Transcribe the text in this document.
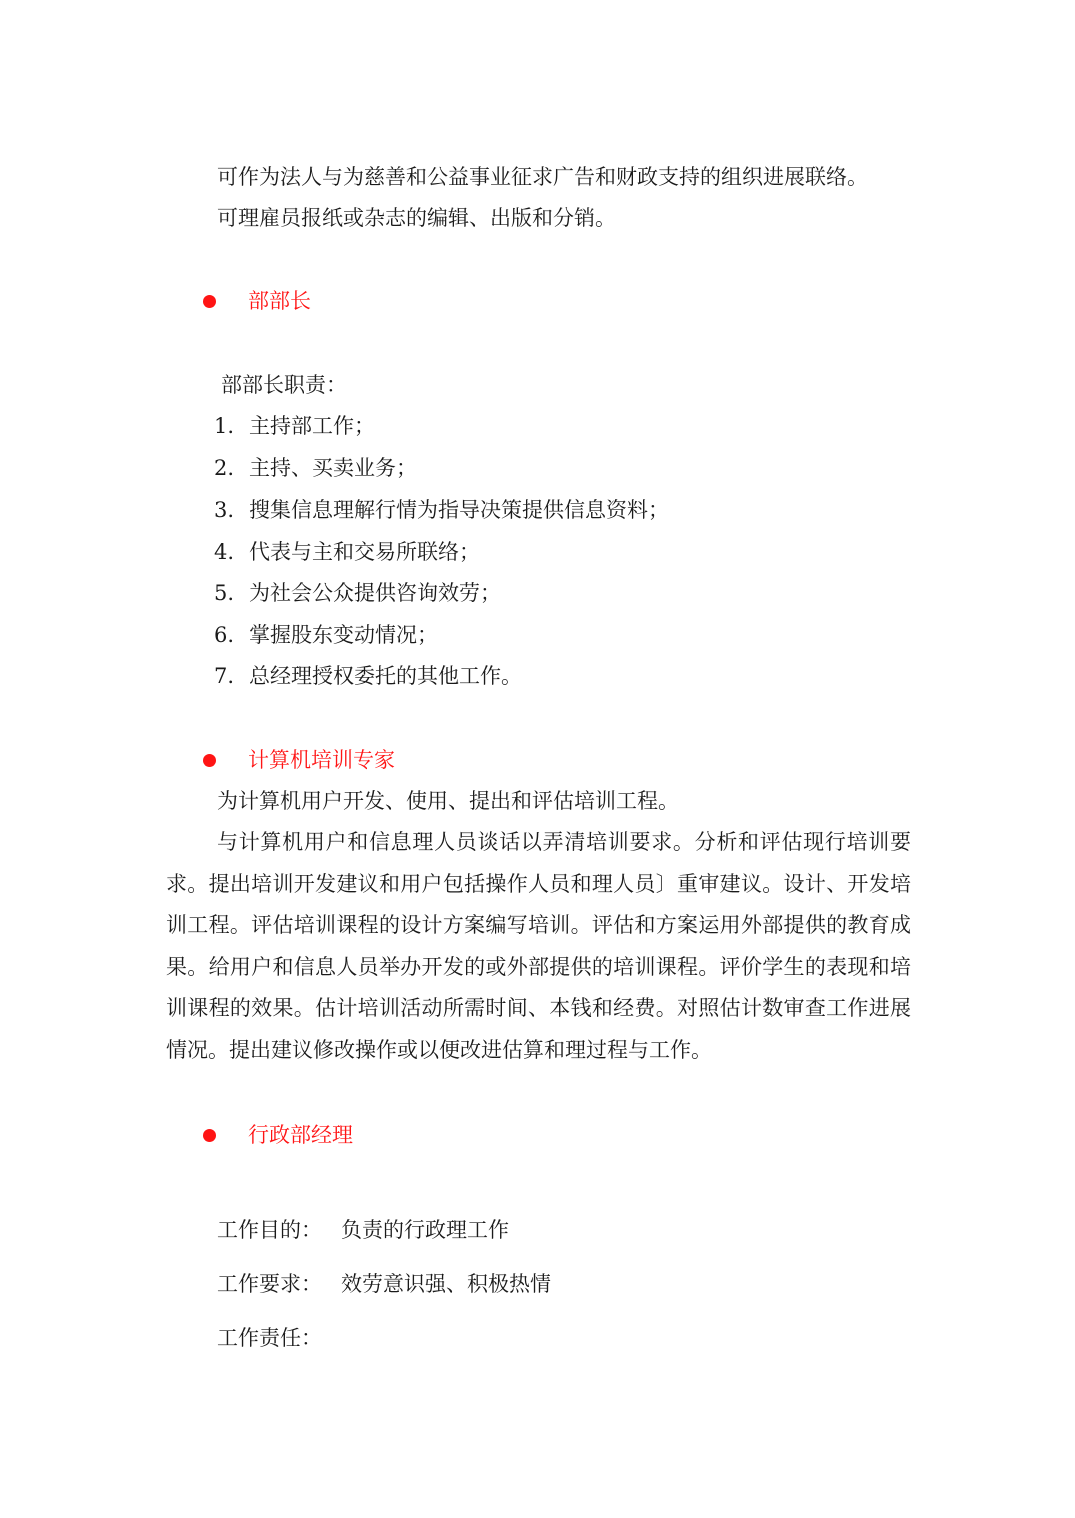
可作为法人与为慈善和公益事业征求广告和财政支持的组织进展联络。
可理雇员报纸或杂志的编辑、出版和分销。
部部长
部部长职责：
1. 主持部工作；
2. 主持、买卖业务；
3. 搜集信息理解行情为指导决策提供信息资料；
4. 代表与主和交易所联络；
5. 为社会公众提供咨询效劳；
6. 掌握股东变动情况；
7. 总经理授权委托的其他工作。
计算机培训专家
为计算机用户开发、使用、提出和评估培训工程。

与计算机用户和信息理人员谈话以弄清培训要求。分析和评估现行培训要求。提出培训开发建议和用户包括操作人员和理人员〕重审建议。设计、开发培训工程。评估培训课程的设计方案编写培训。评估和方案运用外部提供的教育成果。给用户和信息人员举办开发的或外部提供的培训课程。评价学生的表现和培训课程的效果。估计培训活动所需时间、本钱和经费。对照估计数审查工作进展情况。提出建议修改操作或以便改进估算和理过程与工作。

行政部经理
工作目的： 负责的行政理工作
工作要求： 效劳意识强、积极热情
工作责任：
